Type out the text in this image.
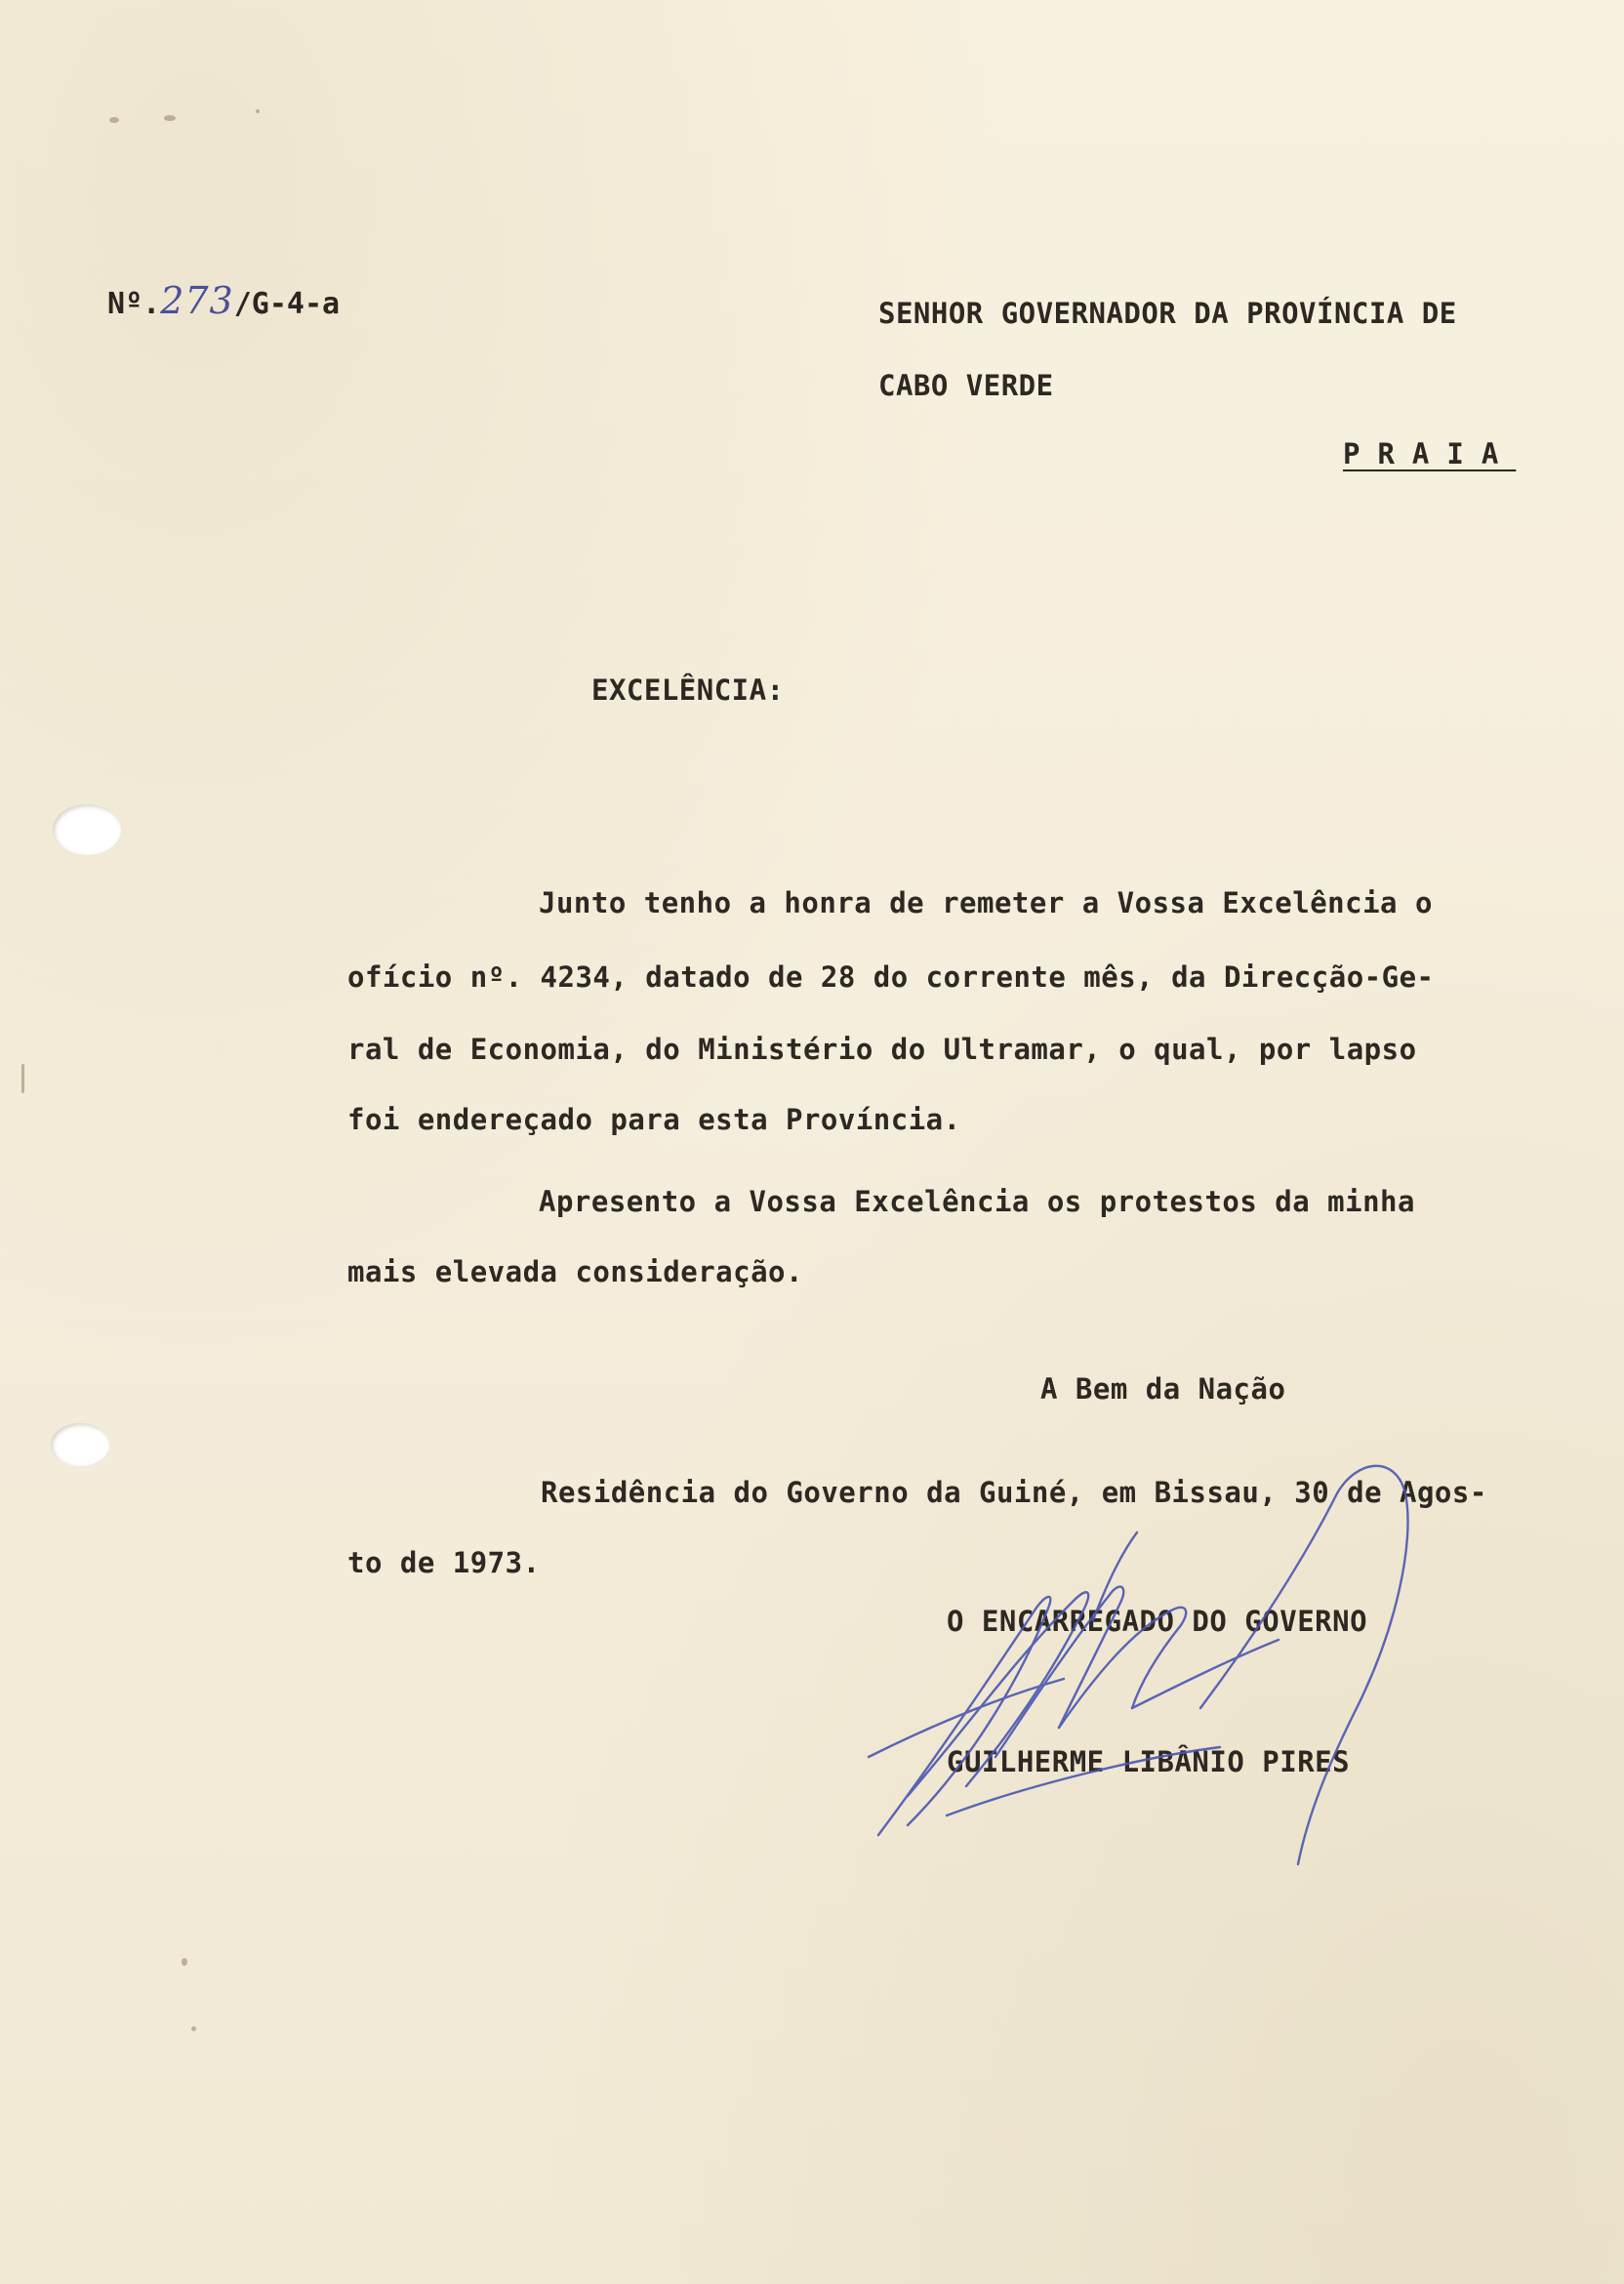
Nº.273/G-4-a	SENHOR GOVERNADOR DA PROVÍNCIA DE
CABO VERDE
PRAIA
EXCELÊNCIA:
Junto tenho a honra de remeter a Vossa Excelência o
ofício nº. 4234, datado de 28 do corrente mês, da Direcção-Ge-
ral de Economia, do Ministério do Ultramar, o qual, por lapso
foi endereçado para esta Província.
Apresento a Vossa Excelência os protestos da minha
mais elevada consideração.
A Bem da Nação
Residência do Governo da Guiné, em Bissau, 30 de Agos-
to de 1973.
O ENCARREGADO DO GOVERNO
GUILHERME LIBÂNIO PIRES
